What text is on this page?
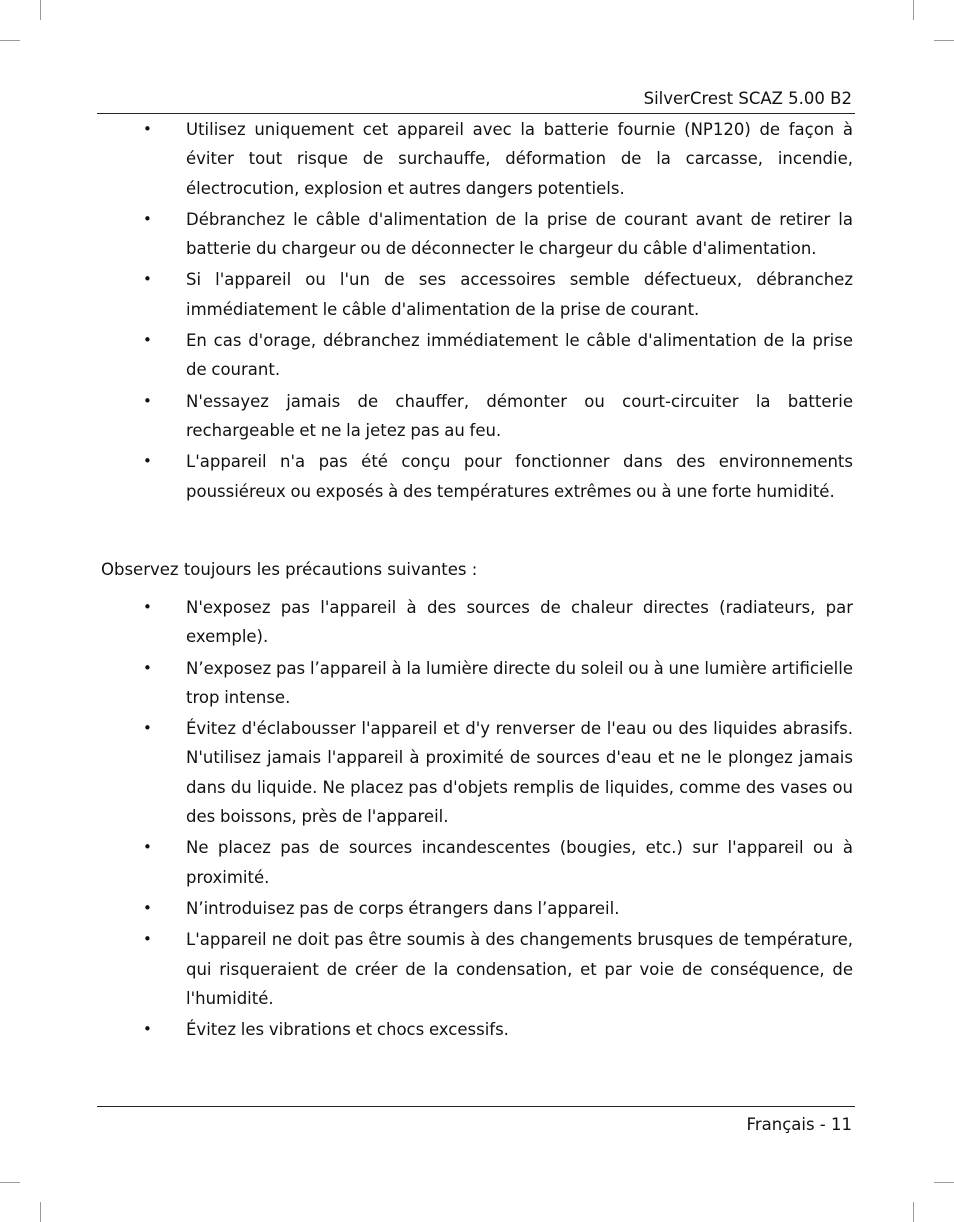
SilverCrest SCAZ 5.00 B2
• Utilisez uniquement cet appareil avec la batterie fournie (NP120) de façon à éviter tout risque de surchauffe, déformation de la carcasse, incendie, électrocution, explosion et autres dangers potentiels.
• Débranchez le câble d'alimentation de la prise de courant avant de retirer la batterie du chargeur ou de déconnecter le chargeur du câble d'alimentation.
• Si l'appareil ou l'un de ses accessoires semble défectueux, débranchez immédiatement le câble d'alimentation de la prise de courant.
• En cas d'orage, débranchez immédiatement le câble d'alimentation de la prise de courant.
• N'essayez jamais de chauffer, démonter ou court-circuiter la batterie rechargeable et ne la jetez pas au feu.
• L'appareil n'a pas été conçu pour fonctionner dans des environnements poussiéreux ou exposés à des températures extrêmes ou à une forte humidité.
Observez toujours les précautions suivantes :
• N'exposez pas l'appareil à des sources de chaleur directes (radiateurs, par exemple).
• N’exposez pas l’appareil à la lumière directe du soleil ou à une lumière artificielle trop intense.
• Évitez d'éclabousser l'appareil et d'y renverser de l'eau ou des liquides abrasifs. N'utilisez jamais l'appareil à proximité de sources d'eau et ne le plongez jamais dans du liquide. Ne placez pas d'objets remplis de liquides, comme des vases ou des boissons, près de l'appareil.
• Ne placez pas de sources incandescentes (bougies, etc.) sur l'appareil ou à proximité.
• N’introduisez pas de corps étrangers dans l’appareil.
• L'appareil ne doit pas être soumis à des changements brusques de température, qui risqueraient de créer de la condensation, et par voie de conséquence, de l'humidité.
• Évitez les vibrations et chocs excessifs.
Français - 11
